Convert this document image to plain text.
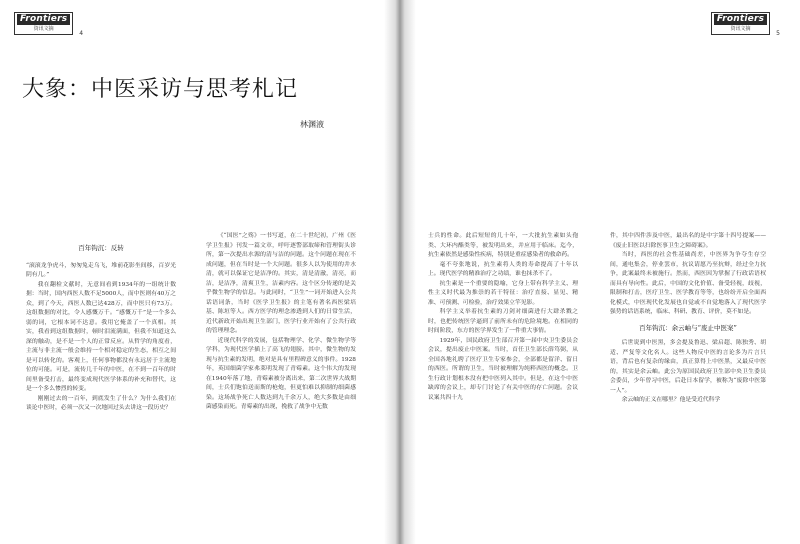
Frontiers
资讯文摘
4
大象：中医采访与思考札记
林渊液

百年钩沉：反转

“滚滚龙争虎斗，匆匆兔走乌飞，堆前花影坐间移，百岁光阴有几。”

我在翻检文献时，无意间看到1934年的一组统计数据：当时，国内西医人数不足5000人，而中医则有40万之众，到了今天，西医人数已达428万，而中医只有73万。这组数据的对比，令人感慨万千。“感慨万千”是一个多么弱的词，它根本词不达意。我用它掩盖了一个真相。其实，我看到这组数据时，顿时泪流满面，但我不知道这么深的触动，是不是一个人的正常反应。从哲学的角度看，主流与非主流一般会维持一个相对稳定的生态，相互之间是可以转化的。客观上，任何事物都没有永远居于主流地位的可能。可是，流传几千年的中医，在不到一百年的时间里备受打击，最终变成现代医学体系的补充和替代，这是一个多么惨烈的转变。

刚刚过去的一百年，到底发生了什么？为什么我们在谈论中医时，必须一次又一次地回过头去讲这一段历史？

《“国医”之殇》一书写道，在二十世纪初，广州《医学卫生报》刊发一篇文章，呼吁逐警部取缔和管理街头诊所，第一次提出水源的清与洁的问题。这个问题在现在不成问题，但在当时是一个大问题。很多人以为使用的井水清，就可以保证它是洁净的。其实，清是清澈，清亮，而洁，是洁净，清爽卫生，洁素内容。这个区分传递的是关乎微生物学的信息。与此同时，“卫生”一词开始进入公共话语词条，当时《医学卫生报》的主笔有著名西医梁培基、陈垣等人。西方医学的理念渗透到人们的日常生活，近代新政开始出现卫生部门，医学行业开始有了公共行政的管理理念。

近现代科学的发展，包括物理学、化学、微生物学等学科，为现代医学插上了高飞的翅膀。其中，微生物的发现与抗生素的发明，绝对是具有里程碑意义的事件。1928年，英国细菌学家弗莱明发现了青霉素。这个伟大的发现在1940年落了地，青霉素被分离出来，第二次世界大战期间，士兵们饱伯送而斯的枪炮，但更怕难以抑制的细菌感染。这场战争死亡人数达到九千余万人，绝大多数是由细菌感染而死。青霉素的出现，挽救了战争中无数

Frontiers
资讯文摘
5

士兵的性命。此后短短的几十年，一大批抗生素如头孢类、大环内酯类等，被发明出来，并应用于临床。迄今，抗生素依然是感染性疾病，特别是重症感染者的救命药。

毫不夸张地说，抗生素将人类的寿命提高了十年以上。现代医学的精准治疗之功绩，谁也抹杀不了。

抗生素是一个重要的隐喻，它身上带有科学主义、理性主义时代最为推崇的若干特征：治疗直接、显见、精准、可预测、可检验，治疗效果立竿见影。

科学主义举着抗生素的刀剑对细菌进行大肆杀戮之时，也把传统医学逼到了前所未有的危险境地。在相同的时间阶段，东方的医学界发生了一件重大事情。

1929年，国民政府卫生部召开第一届中央卫生委员会会议，提出废止中医案。当时，首任卫生部长薛笃弼，从全国各地礼聘了医疗卫生专家参会，全部都是留洋、留日的西医。所谓的卫生，当时被理解为纯粹西医的概念。卫生行政计划根本没有把中医列入其中。但是，在这个中医缺席的会议上，却专门讨论了有关中医的存亡问题。会议议案共四十九

件，其中四件涉及中医，最出名的是中字第十四号提案——《废止旧医以扫除医事卫生之障碍案》。

当时，西医的社会性基础尚差，中医界为争夺生存空间，通电集会，停业罢市，抗议请愿乃至抗辩，经过全力抗争，此案最终未被施行。然而，西医因为掌握了行政话语权而具有导向性。此后，中国的文化价值、备受轻视，歧视，限制和打击，医疗卫生、医学教育等等，也纷纷开启全面西化模式，中医现代化发展也自觉或不自觉地落入了现代医学强势的话语系统，临床、科研、教育、评价，莫不如是。

百年钩沉：余云岫与“废止中医案”

后世说到中医黑，多会提及鲁迅、梁启超、陈独秀、胡适、严复等文化名人。这些人物反中医的言论多为片言只语，背后也有复杂的缘由，真正算得上中医黑，又最反中医的，其实是余云岫。此公为原国民政府卫生部中央卫生委员会委员，少年曾习中医，后赴日本留学，被称为“废除中医第一人”。

余云岫的正义在哪里？他是受近代科学
